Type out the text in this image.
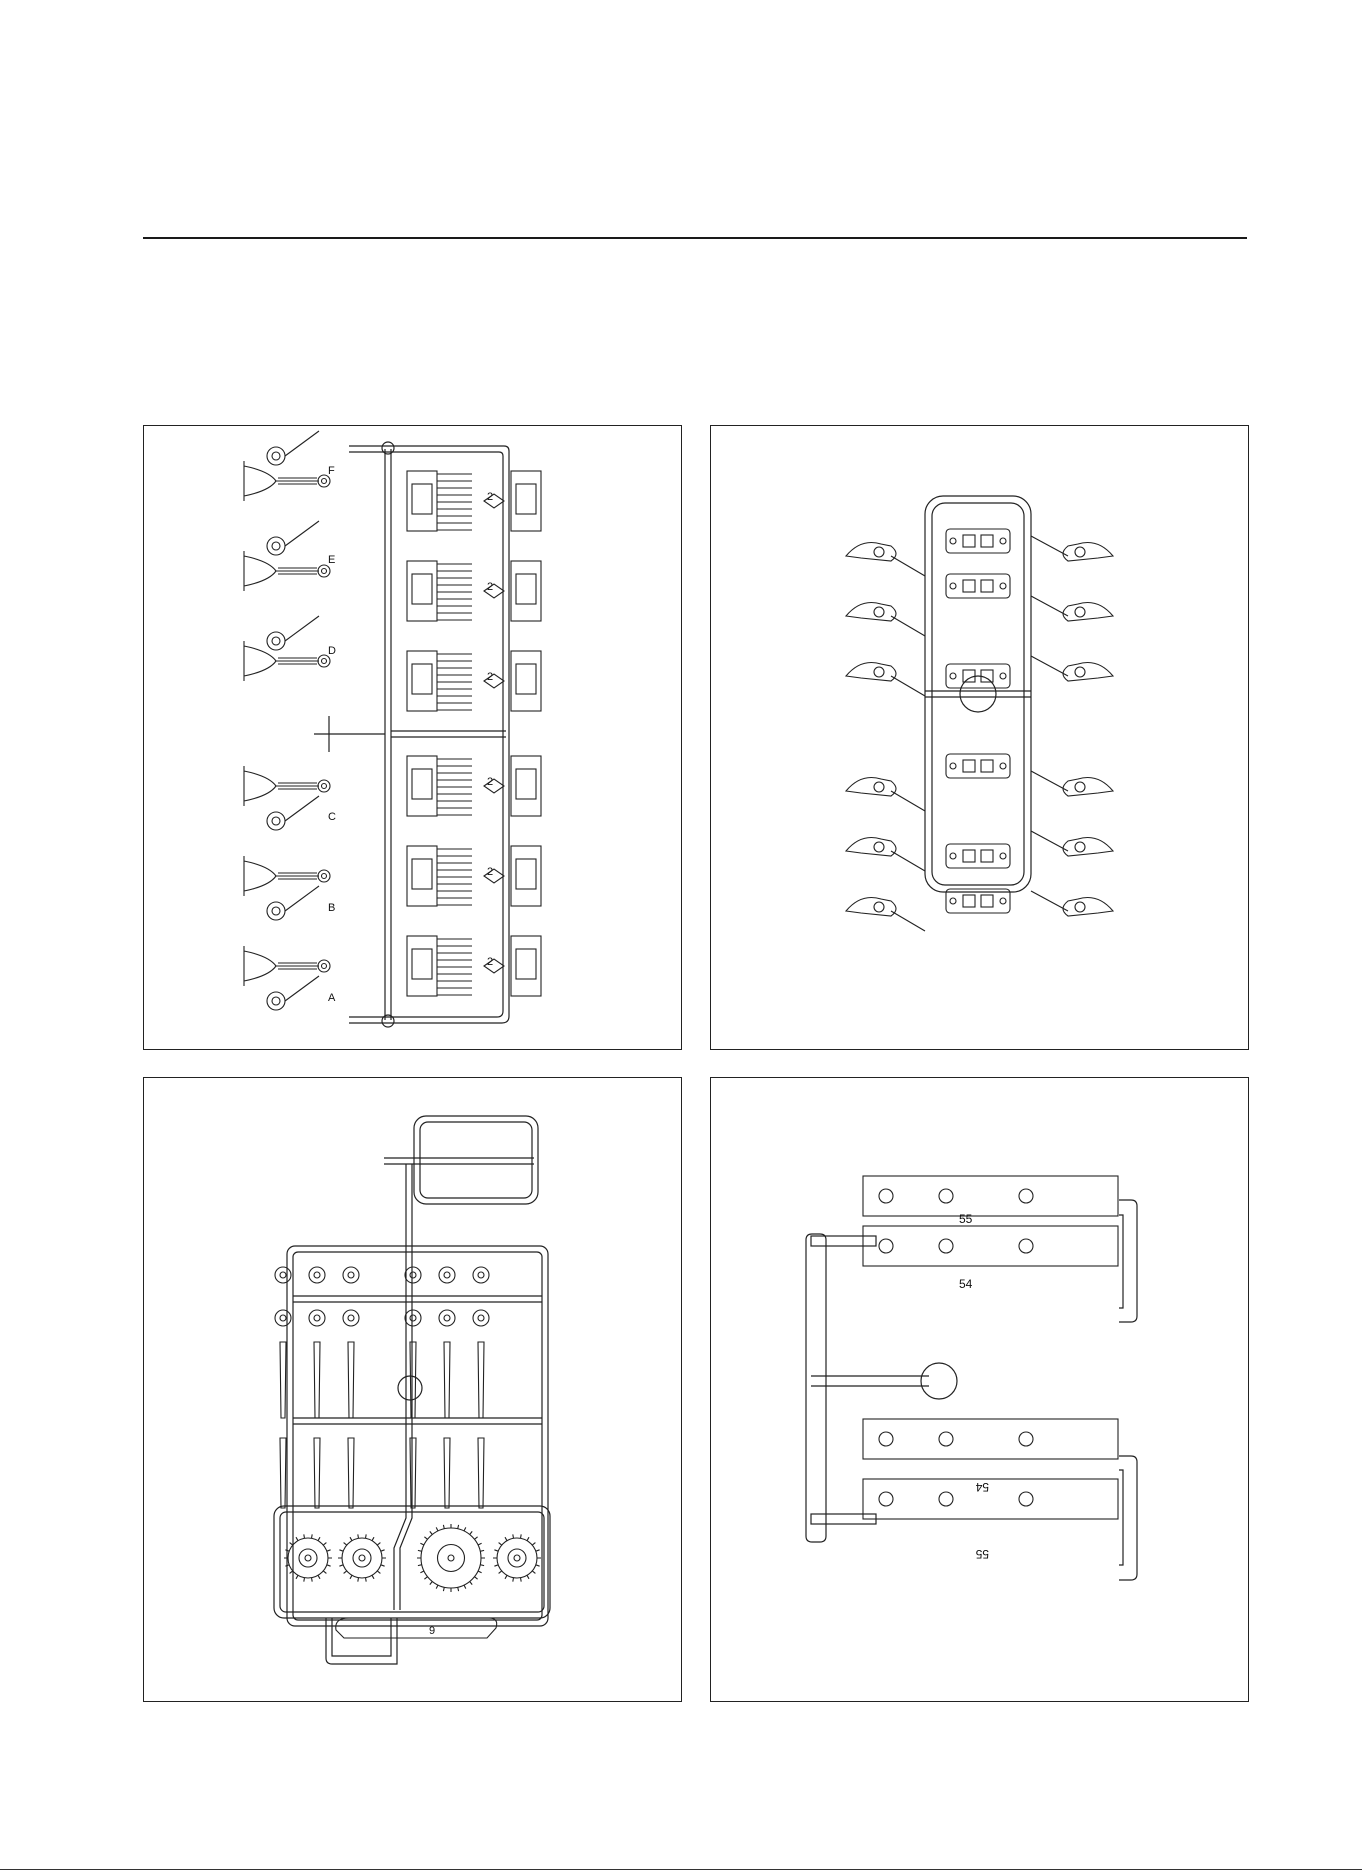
F
E
D
C
B
A
2
2
2
2
2
2
9
55
54
54
55
